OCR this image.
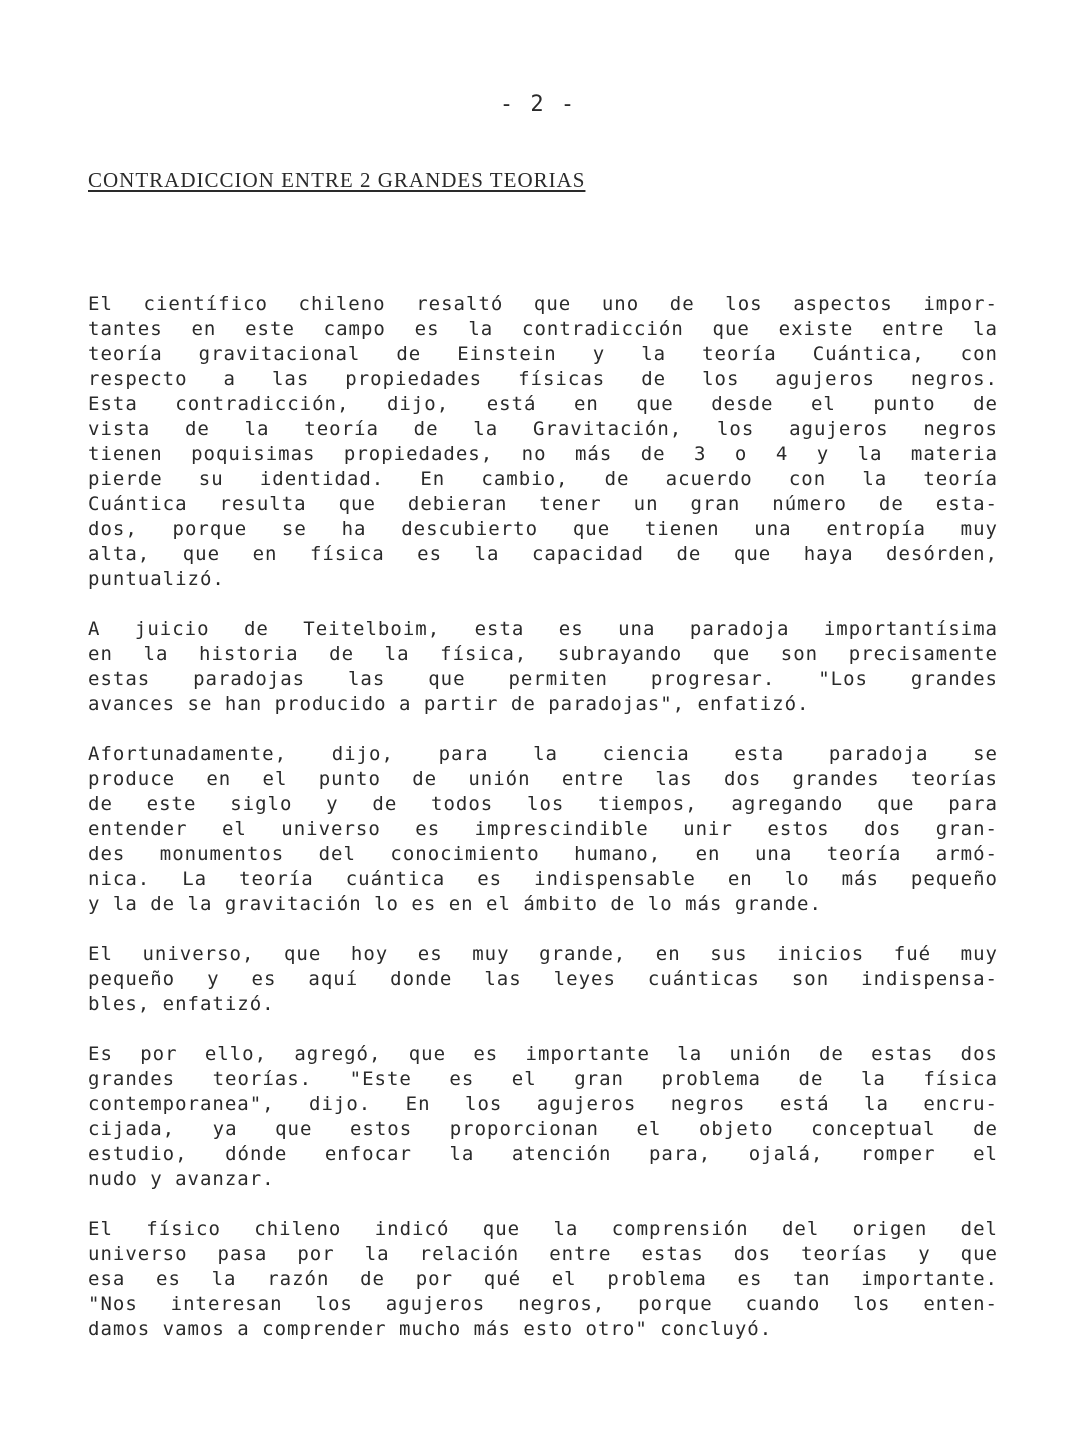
- 2 -
CONTRADICCION ENTRE 2 GRANDES TEORIAS
El científico chileno resaltó que uno de los aspectos impor-
tantes en este campo es la contradicción que existe entre la
teoría gravitacional de Einstein y la teoría Cuántica, con
respecto a las propiedades físicas de los agujeros negros.
Esta contradicción, dijo, está en que desde el punto de
vista de la teoría de la Gravitación, los agujeros negros
tienen poquisimas propiedades, no más de 3 o 4 y la materia
pierde su identidad. En cambio, de acuerdo con la teoría
Cuántica resulta que debieran tener un gran número de esta-
dos, porque se ha descubierto que tienen una entropía muy
alta, que en física es la capacidad de que haya desórden,
puntualizó.
A juicio de Teitelboim, esta es una paradoja importantísima
en la historia de la física, subrayando que son precisamente
estas paradojas las que permiten progresar. "Los grandes
avances se han producido a partir de paradojas", enfatizó.
Afortunadamente, dijo, para la ciencia esta paradoja se
produce en el punto de unión entre las dos grandes teorías
de este siglo y de todos los tiempos, agregando que para
entender el universo es imprescindible unir estos dos gran-
des monumentos del conocimiento humano, en una teoría armó-
nica. La teoría cuántica es indispensable en lo más pequeño
y la de la gravitación lo es en el ámbito de lo más grande.
El universo, que hoy es muy grande, en sus inicios fué muy
pequeño y es aquí donde las leyes cuánticas son indispensa-
bles, enfatizó.
Es por ello, agregó, que es importante la unión de estas dos
grandes teorías. "Este es el gran problema de la física
contemporanea", dijo. En los agujeros negros está la encru-
cijada, ya que estos proporcionan el objeto conceptual de
estudio, dónde enfocar la atención para, ojalá, romper el
nudo y avanzar.
El físico chileno indicó que la comprensión del origen del
universo pasa por la relación entre estas dos teorías y que
esa es la razón de por qué el problema es tan importante.
"Nos interesan los agujeros negros, porque cuando los enten-
damos vamos a comprender mucho más esto otro" concluyó.
